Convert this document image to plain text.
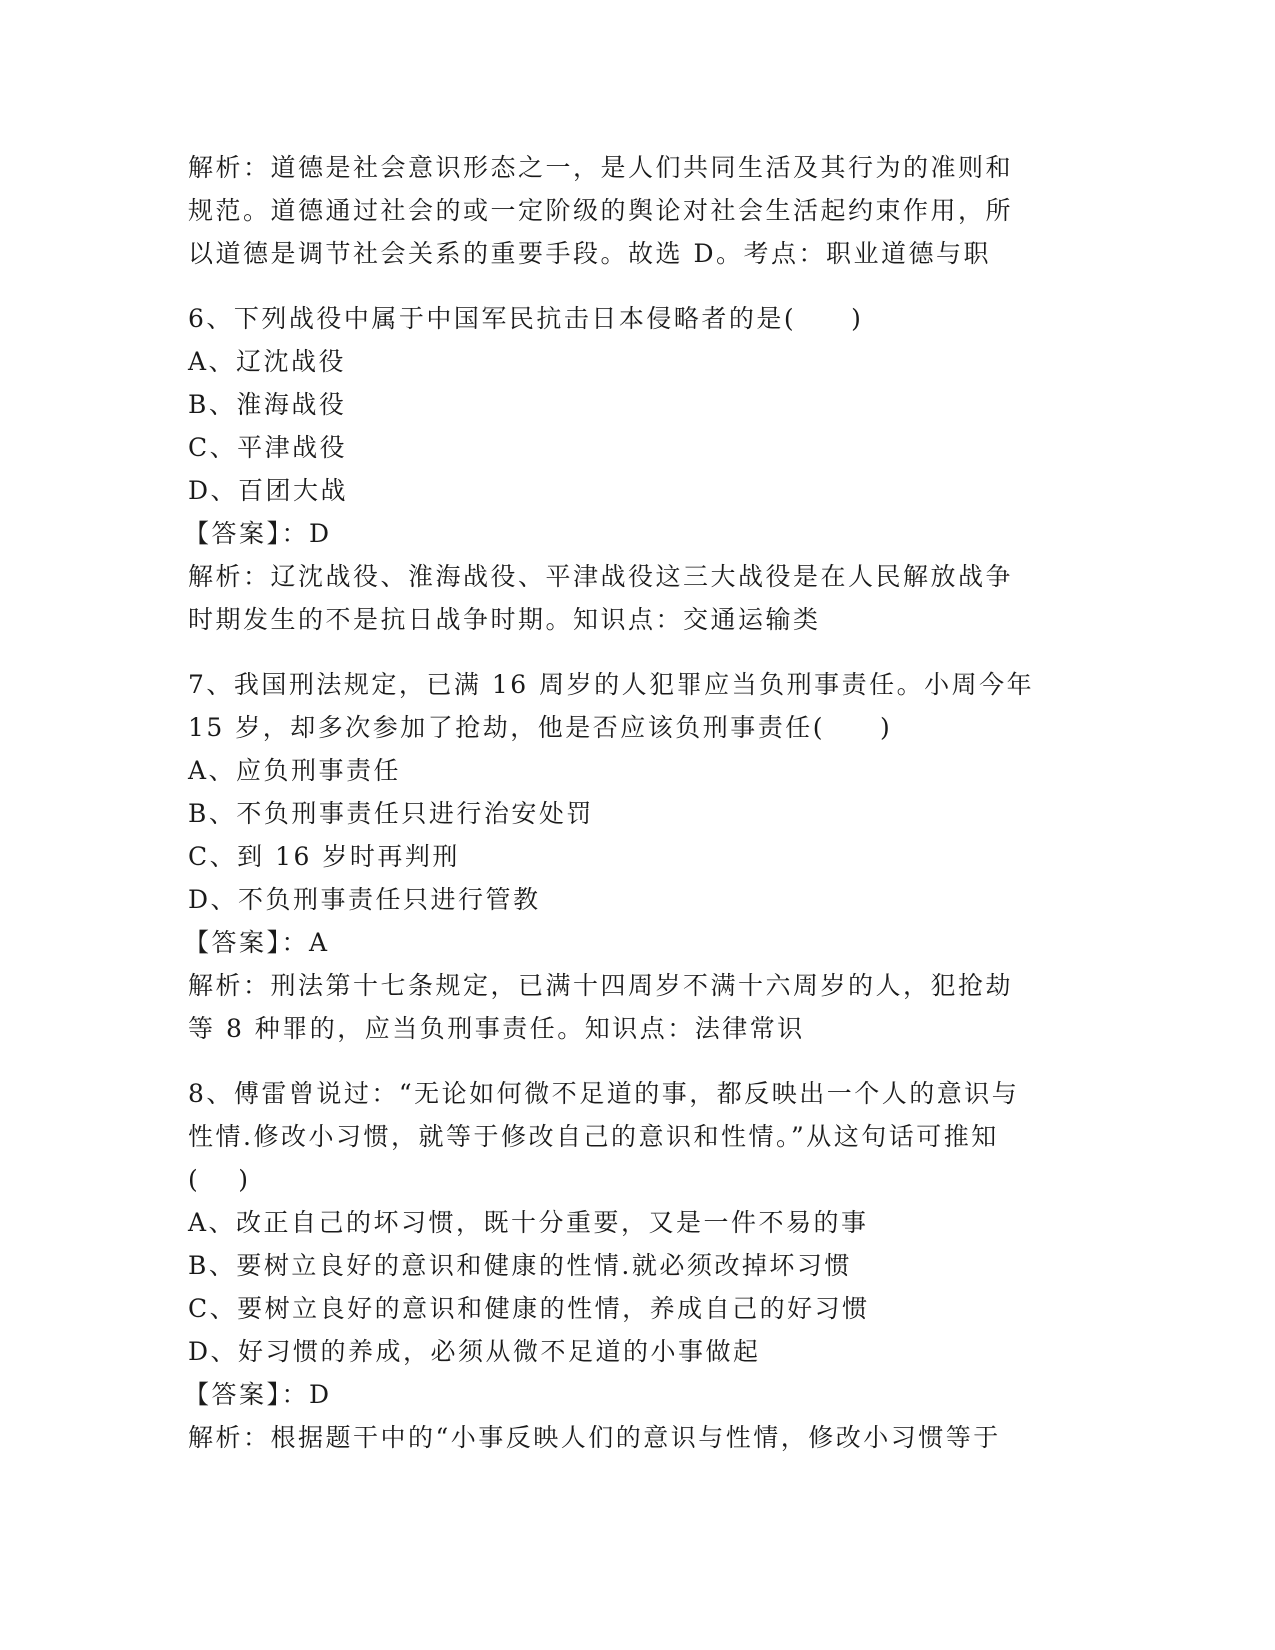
解析：道德是社会意识形态之一，是人们共同生活及其行为的准则和
规范。道德通过社会的或一定阶级的舆论对社会生活起约束作用，所
以道德是调节社会关系的重要手段。故选 D。考点：职业道德与职
6、下列战役中属于中国军民抗击日本侵略者的是(　　)
A、辽沈战役
B、淮海战役
C、平津战役
D、百团大战
【答案】：D
解析：辽沈战役、淮海战役、平津战役这三大战役是在人民解放战争
时期发生的不是抗日战争时期。知识点：交通运输类
7、我国刑法规定，已满 16 周岁的人犯罪应当负刑事责任。小周今年
15 岁，却多次参加了抢劫，他是否应该负刑事责任(　　)
A、应负刑事责任
B、不负刑事责任只进行治安处罚
C、到 16 岁时再判刑
D、不负刑事责任只进行管教
【答案】：A
解析：刑法第十七条规定，已满十四周岁不满十六周岁的人，犯抢劫
等 8 种罪的，应当负刑事责任。知识点：法律常识
8、傅雷曾说过：“无论如何微不足道的事，都反映出一个人的意识与
性情.修改小习惯，就等于修改自己的意识和性情。”从这句话可推知
(　 )
A、改正自己的坏习惯，既十分重要，又是一件不易的事
B、要树立良好的意识和健康的性情.就必须改掉坏习惯
C、要树立良好的意识和健康的性情，养成自己的好习惯
D、好习惯的养成，必须从微不足道的小事做起
【答案】：D
解析：根据题干中的“小事反映人们的意识与性情，修改小习惯等于
